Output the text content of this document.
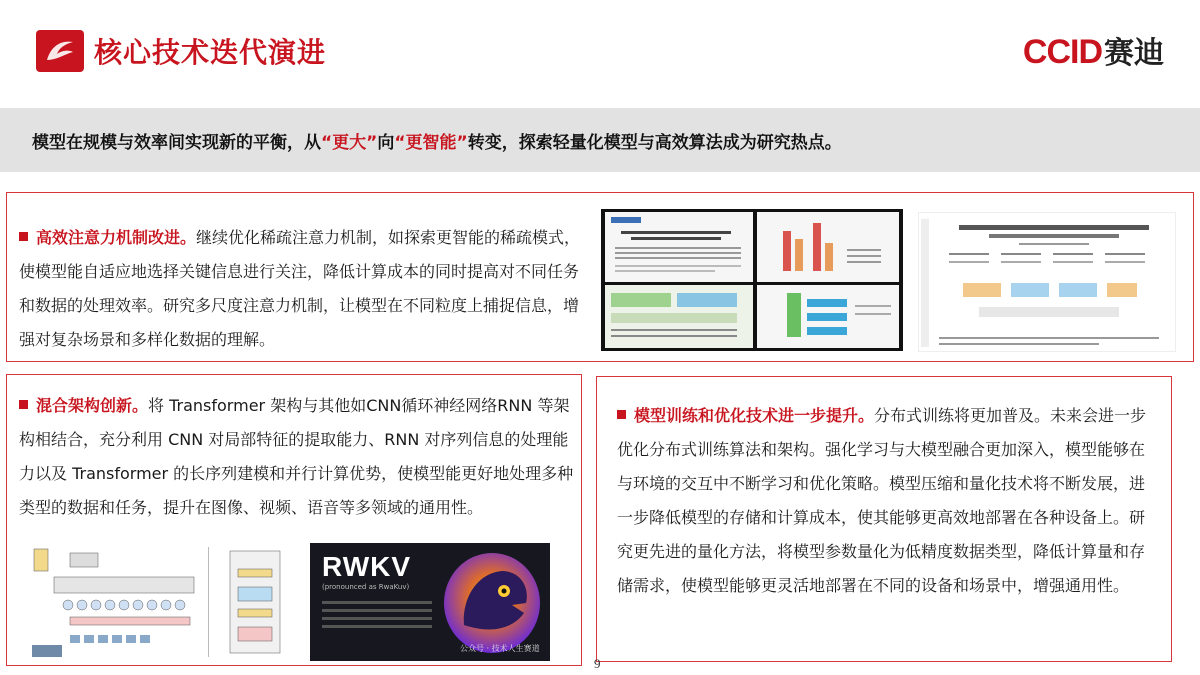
核心技术迭代演进	CCID赛迪
模型在规模与效率间实现新的平衡，从“更大”向“更智能”转变，探索轻量化模型与高效算法成为研究热点。
高效注意力机制改进。继续优化稀疏注意力机制，如探索更智能的稀疏模式，使模型能自适应地选择关键信息进行关注，降低计算成本的同时提高对不同任务和数据的处理效率。研究多尺度注意力机制，让模型在不同粒度上捕捉信息，增强对复杂场景和多样化数据的理解。
混合架构创新。将 Transformer 架构与其他如CNN循环神经网络RNN 等架构相结合，充分利用 CNN 对局部特征的提取能力、RNN 对序列信息的处理能力以及 Transformer 的长序列建模和并行计算优势，使模型能更好地处理多种类型的数据和任务，提升在图像、视频、语音等多领域的通用性。
RWKV
(pronounced as RwaKuv)
公众号 · 技术人生赛道
模型训练和优化技术进一步提升。分布式训练将更加普及。未来会进一步优化分布式训练算法和架构。强化学习与大模型融合更加深入，模型能够在与环境的交互中不断学习和优化策略。模型压缩和量化技术将不断发展，进一步降低模型的存储和计算成本，使其能够更高效地部署在各种设备上。研究更先进的量化方法，将模型参数量化为低精度数据类型，降低计算量和存储需求，使模型能够更灵活地部署在不同的设备和场景中，增强通用性。
9
